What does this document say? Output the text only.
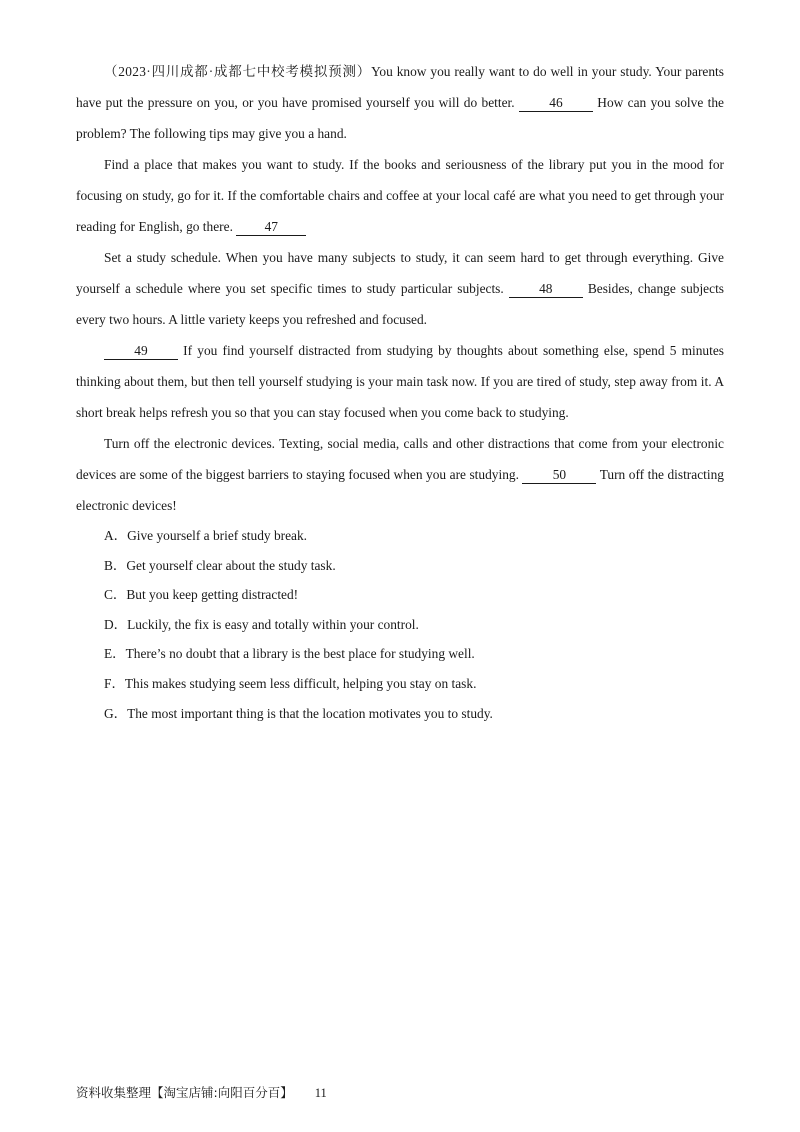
（2023·四川成都·成都七中校考模拟预测）You know you really want to do well in your study. Your parents have put the pressure on you, or you have promised yourself you will do better. 46 How can you solve the problem? The following tips may give you a hand.

Find a place that makes you want to study. If the books and seriousness of the library put you in the mood for focusing on study, go for it. If the comfortable chairs and coffee at your local café are what you need to get through your reading for English, go there. 47

Set a study schedule. When you have many subjects to study, it can seem hard to get through everything. Give yourself a schedule where you set specific times to study particular subjects. 48 Besides, change subjects every two hours. A little variety keeps you refreshed and focused.

49 If you find yourself distracted from studying by thoughts about something else, spend 5 minutes thinking about them, but then tell yourself studying is your main task now. If you are tired of study, step away from it. A short break helps refresh you so that you can stay focused when you come back to studying.

Turn off the electronic devices. Texting, social media, calls and other distractions that come from your electronic devices are some of the biggest barriers to staying focused when you are studying. 50 Turn off the distracting electronic devices!

A．Give yourself a brief study break.

B．Get yourself clear about the study task.

C．But you keep getting distracted!

D．Luckily, the fix is easy and totally within your control.

E．There’s no doubt that a library is the best place for studying well.

F．This makes studying seem less difficult, helping you stay on task.

G．The most important thing is that the location motivates you to study.

资料收集整理【淘宝店铺:向阳百分百】 11
